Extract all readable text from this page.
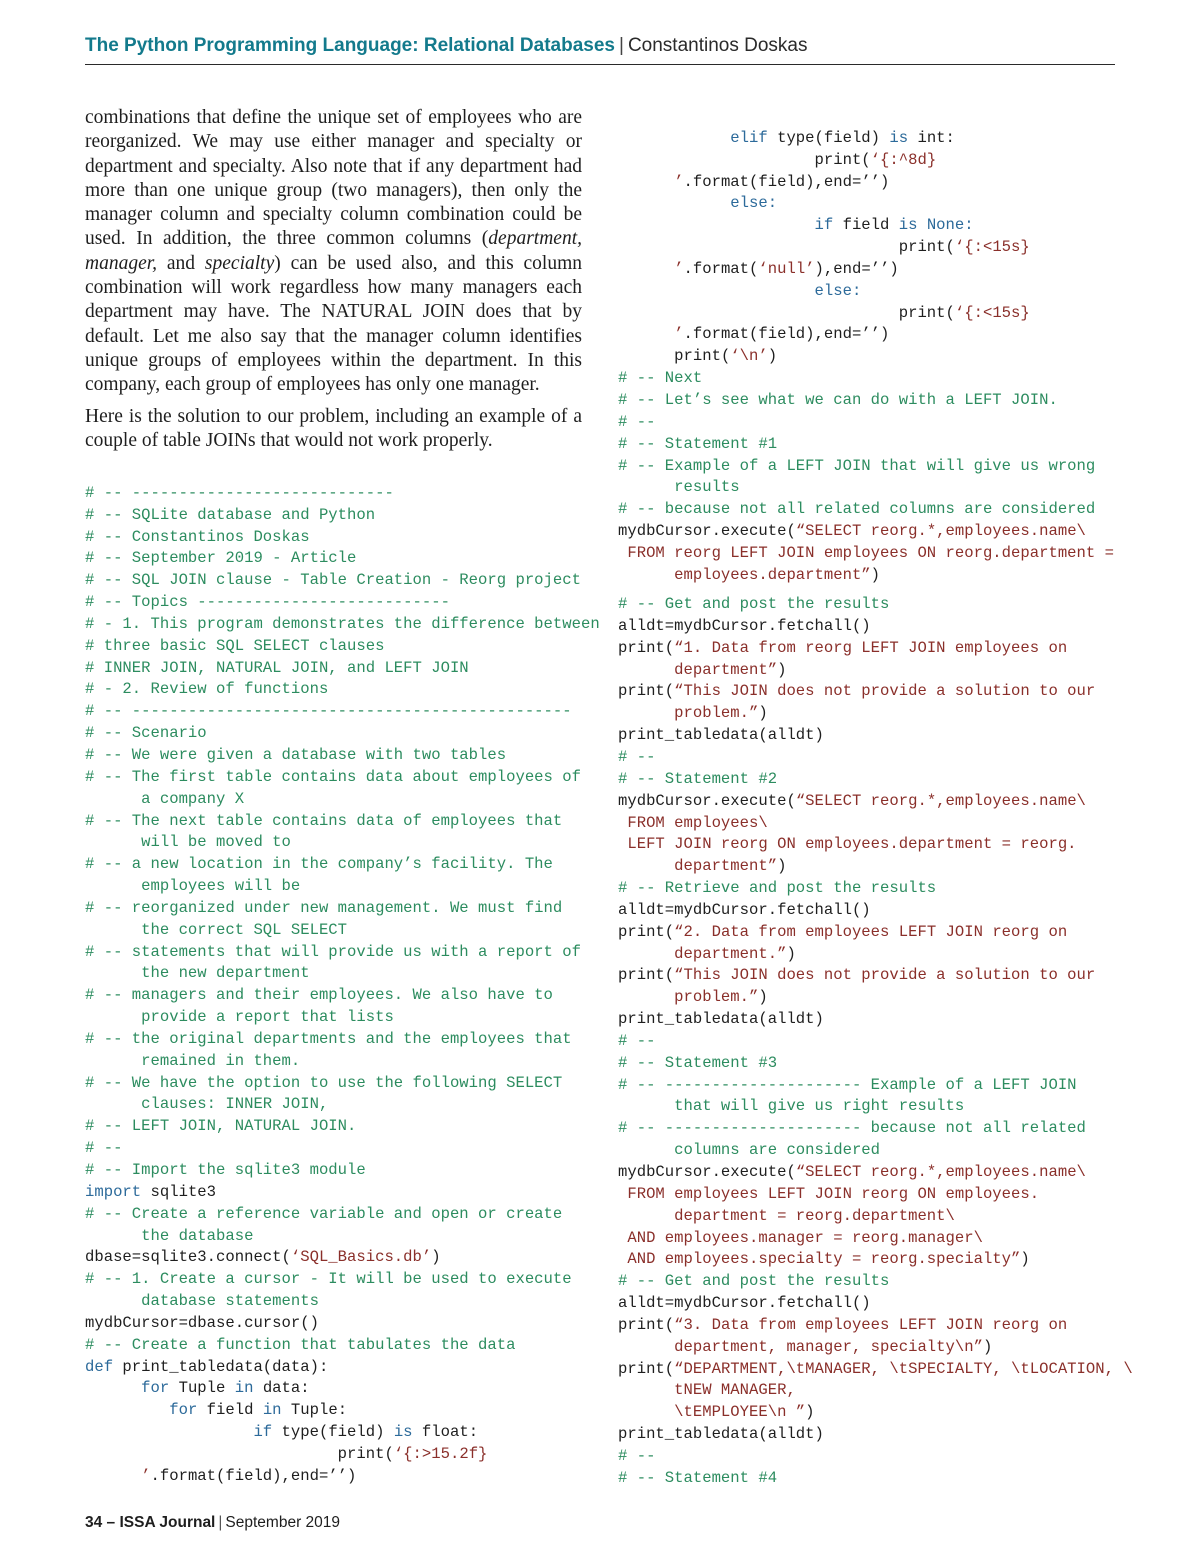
The Python Programming Language: Relational Databases | Constantinos Doskas

combinations that define the unique set of employees who are reorganized. We may use either manager and specialty or department and specialty. Also note that if any department had more than one unique group (two managers), then only the manager column and specialty column combination could be used. In addition, the three common columns (department, manager, and specialty) can be used also, and this column combination will work regardless how many managers each department may have. The NATURAL JOIN does that by default. Let me also say that the manager column identifies unique groups of employees within the department. In this company, each group of employees has only one manager.

Here is the solution to our problem, including an example of a couple of table JOINs that would not work properly.

# -- ----------------------------
# -- SQLite database and Python
# -- Constantinos Doskas
# -- September 2019 - Article
# -- SQL JOIN clause - Table Creation - Reorg project
# -- Topics ---------------------------
# - 1. This program demonstrates the difference between
# three basic SQL SELECT clauses
# INNER JOIN, NATURAL JOIN, and LEFT JOIN
# - 2. Review of functions
# -- -----------------------------------------------
# -- Scenario
# -- We were given a database with two tables
# -- The first table contains data about employees of
a company X
# -- The next table contains data of employees that
will be moved to
# -- a new location in the company’s facility. The
employees will be
# -- reorganized under new management. We must find
the correct SQL SELECT
# -- statements that will provide us with a report of
the new department
# -- managers and their employees. We also have to
provide a report that lists
# -- the original departments and the employees that
remained in them.
# -- We have the option to use the following SELECT
clauses: INNER JOIN,
# -- LEFT JOIN, NATURAL JOIN.
# --
# -- Import the sqlite3 module
import sqlite3
# -- Create a reference variable and open or create
the database
dbase=sqlite3.connect(‘SQL_Basics.db’)
# -- 1. Create a cursor - It will be used to execute
database statements
mydbCursor=dbase.cursor()
# -- Create a function that tabulates the data
def print_tabledata(data):
for Tuple in data:
for field in Tuple:
if type(field) is float:
print(‘{:>15.2f}
’.format(field),end=’’)

elif type(field) is int:
print(‘{:^8d}
’.format(field),end=’’)
else:
if field is None:
print(‘{:<15s}
’.format(‘null’),end=’’)
else:
print(‘{:<15s}
’.format(field),end=’’)
print(‘\n’)
# -- Next
# -- Let’s see what we can do with a LEFT JOIN.
# --
# -- Statement #1
# -- Example of a LEFT JOIN that will give us wrong
results
# -- because not all related columns are considered
mydbCursor.execute(“SELECT reorg.*,employees.name\
FROM reorg LEFT JOIN employees ON reorg.department =
employees.department”)
# -- Get and post the results
alldt=mydbCursor.fetchall()
print(“1. Data from reorg LEFT JOIN employees on
department”)
print(“This JOIN does not provide a solution to our
problem.”)
print_tabledata(alldt)
# --
# -- Statement #2
mydbCursor.execute(“SELECT reorg.*,employees.name\
FROM employees\
LEFT JOIN reorg ON employees.department = reorg.
department”)
# -- Retrieve and post the results
alldt=mydbCursor.fetchall()
print(“2. Data from employees LEFT JOIN reorg on
department.”)
print(“This JOIN does not provide a solution to our
problem.”)
print_tabledata(alldt)
# --
# -- Statement #3
# -- --------------------- Example of a LEFT JOIN
that will give us right results
# -- --------------------- because not all related
columns are considered
mydbCursor.execute(“SELECT reorg.*,employees.name\
FROM employees LEFT JOIN reorg ON employees.
department = reorg.department\
AND employees.manager = reorg.manager\
AND employees.specialty = reorg.specialty”)
# -- Get and post the results
alldt=mydbCursor.fetchall()
print(“3. Data from employees LEFT JOIN reorg on
department, manager, specialty\n”)
print(“DEPARTMENT,\tMANAGER, \tSPECIALTY, \tLOCATION, \
tNEW MANAGER,
\tEMPLOYEE\n ”)
print_tabledata(alldt)
# --
# -- Statement #4

34 – ISSA Journal | September 2019
